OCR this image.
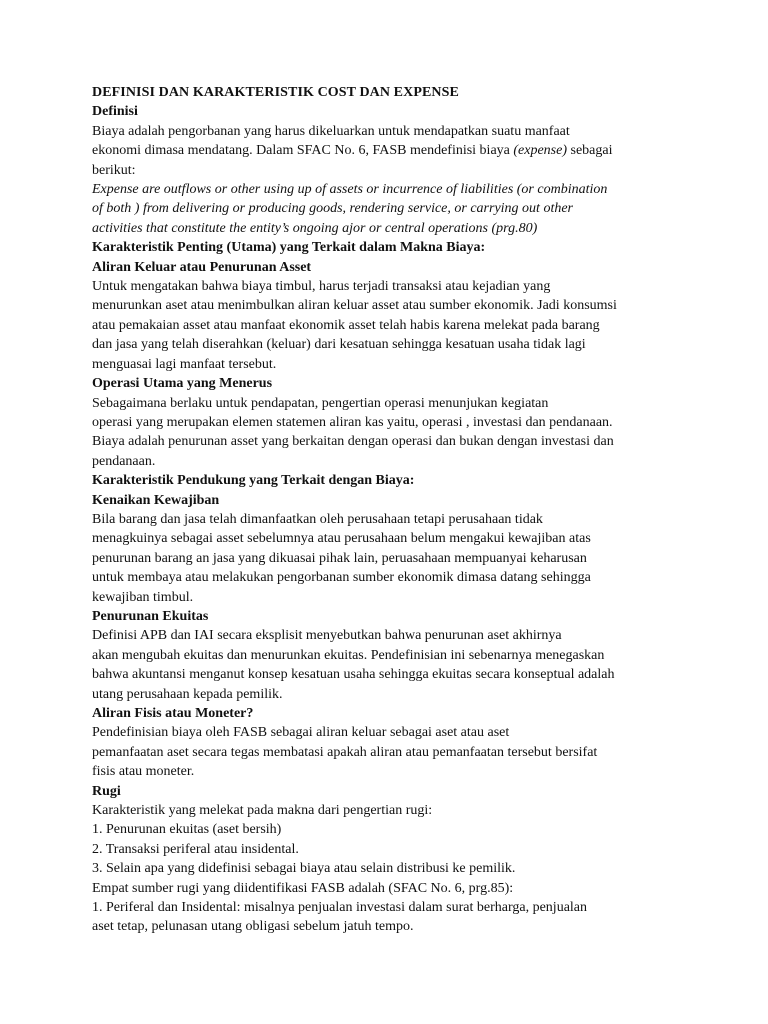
DEFINISI DAN KARAKTERISTIK COST DAN EXPENSE

Definisi

Biaya adalah pengorbanan yang harus dikeluarkan untuk mendapatkan suatu manfaat
ekonomi dimasa mendatang. Dalam SFAC No. 6, FASB mendefinisi biaya (expense) sebagai
berikut:

Expense are outflows or other using up of assets or incurrence of liabilities (or combination
of both ) from delivering or producing goods, rendering service, or carrying out other
activities that constitute the entity’s ongoing ajor or central operations (prg.80)

Karakteristik Penting (Utama) yang Terkait dalam Makna Biaya:

Aliran Keluar atau Penurunan Asset

Untuk mengatakan bahwa biaya timbul, harus terjadi transaksi atau kejadian yang
menurunkan aset atau menimbulkan aliran keluar asset atau sumber ekonomik. Jadi konsumsi
atau pemakaian asset atau manfaat ekonomik asset telah habis karena melekat pada barang
dan jasa yang telah diserahkan (keluar) dari kesatuan sehingga kesatuan usaha tidak lagi
menguasai lagi manfaat tersebut.

Operasi Utama yang Menerus

Sebagaimana berlaku untuk pendapatan, pengertian operasi menunjukan kegiatan
operasi yang merupakan elemen statemen aliran kas yaitu, operasi , investasi dan pendanaan.
Biaya adalah penurunan asset yang berkaitan dengan operasi dan bukan dengan investasi dan
pendanaan.

Karakteristik Pendukung yang Terkait dengan Biaya:

Kenaikan Kewajiban

Bila barang dan jasa telah dimanfaatkan oleh perusahaan tetapi perusahaan tidak
menagkuinya sebagai asset sebelumnya atau perusahaan belum mengakui kewajiban atas
penurunan barang an jasa yang dikuasai pihak lain, peruasahaan mempuanyai keharusan
untuk membaya atau melakukan pengorbanan sumber ekonomik dimasa datang sehingga
kewajiban timbul.

Penurunan Ekuitas

Definisi APB dan IAI secara eksplisit menyebutkan bahwa penurunan aset akhirnya
akan mengubah ekuitas dan menurunkan ekuitas. Pendefinisian ini sebenarnya menegaskan
bahwa akuntansi menganut konsep kesatuan usaha sehingga ekuitas secara konseptual adalah
utang perusahaan kepada pemilik.

Aliran Fisis atau Moneter?

Pendefinisian biaya oleh FASB sebagai aliran keluar sebagai aset atau aset
pemanfaatan aset secara tegas membatasi apakah aliran atau pemanfaatan tersebut bersifat
fisis atau moneter.

Rugi

Karakteristik yang melekat pada makna dari pengertian rugi:
1. Penurunan ekuitas (aset bersih)
2. Transaksi periferal atau insidental.
3. Selain apa yang didefinisi sebagai biaya atau selain distribusi ke pemilik.
Empat sumber rugi yang diidentifikasi FASB adalah (SFAC No. 6, prg.85):
1. Periferal dan Insidental: misalnya penjualan investasi dalam surat berharga, penjualan
aset tetap, pelunasan utang obligasi sebelum jatuh tempo.
